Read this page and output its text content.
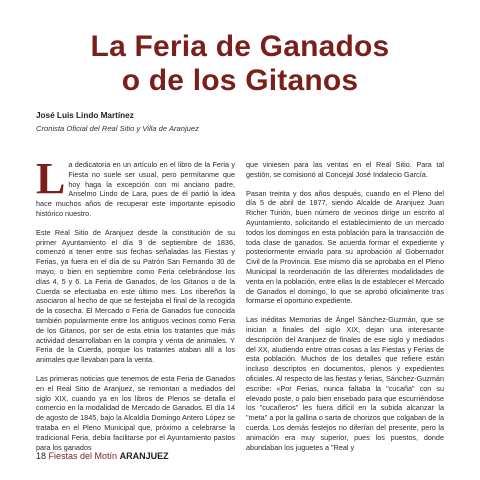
La Feria de Ganados
o de los Gitanos
José Luis Lindo Martínez
Cronista Oficial del Real Sitio y Villa de Aranjuez

La dedicatoria en un artículo en el libro de la Feria y Fiesta no suele ser usual, pero permítanme que hoy haga la excepción con mi anciano padre, Anselmo Lindo de Lara, pues de él partió la idea hace muchos años de recuperar este importante episodio histórico nuestro.

Este Real Sitio de Aranjuez desde la constitución de su primer Ayuntamiento el día 9 de septiembre de 1836, comenzó a tener entre sus fechas señaladas las Fiestas y Ferias, ya fuera en el día de su Patrón San Fernando 30 de mayo, o bien en septiembre como Feria celebrándose los días 4, 5 y 6. La Feria de Ganados, de los Gitanos o de la Cuerda se efectuaba en este último mes. Los ribereños la asociaron al hecho de que se festejaba el final de la recogida de la cosecha. El Mercado o Feria de Ganados fue conocida también popularmente entre los antiguos vecinos como Feria de los Gitanos, por ser de esta etnia los tratantes que más actividad desarrollaban en la compra y venta de animales. Y Feria de la Cuerda, porque los tratantes ataban allí a los animales que llevaban para la venta.

Las primeras noticias que tenemos de esta Feria de Ganados en el Real Sitio de Aranjuez, se remontan a mediados del siglo XIX, cuando ya en los libros de Plenos se detalla el comercio en la modalidad de Mercado de Ganados. El día 14 de agosto de 1845, bajo la Alcaldía Domingo Antero López se trataba en el Pleno Municipal que, próximo a celebrarse la tradicional Feria, debía facilitarse por el Ayuntamiento pastos para los ganados

que viniesen para las ventas en el Real Sitio. Para tal gestión, se comisionó al Concejal José Indalecio García.

Pasan treinta y dos años después, cuando en el Pleno del día 5 de abril de 1877, siendo Alcalde de Aranjuez Juan Richer Turión, buen número de vecinos dirige un escrito al Ayuntamiento, solicitando el establecimiento de un mercado todos los domingos en esta población para la transacción de toda clase de ganados. Se acuerda formar el expediente y posteriormente enviarlo para su aprobación al Gobernador Civil de la Provincia. Ese mismo día se aprobaba en el Pleno Municipal la reordenación de las diferentes modalidades de venta en la población, entre ellas la de establecer el Mercado de Ganados el domingo, lo que se aprobó oficialmente tras formarse el oportuno expediente.

Las inéditas Memorias de Ángel Sánchez-Guzmán, que se inician a finales del siglo XIX, dejan una interesante descripción del Aranjuez de finales de ese siglo y mediados del XX, aludiendo entre otras cosas a las Fiestas y Ferias de esta población. Muchos de los detalles que refiere están incluso descriptos en documentos, plenos y expedientes oficiales. Al respecto de las fiestas y ferias, Sánchez-Guzmán escribe: «Por Ferias, nunca faltaba la "cucaña" con su elevado poste, o palo bien ensebado para que escurriéndose los "cucañeros" les fuera difícil en la subida alcanzar la "meta" a por la gallina o sarta de chorizos que colgaban de la cuerda. Los demás festejos no diferían del presente, pero la animación era muy superior, pues los puestos, donde abundaban los juguetes a "Real y

18 Fiestas del Motín ARANJUEZ
